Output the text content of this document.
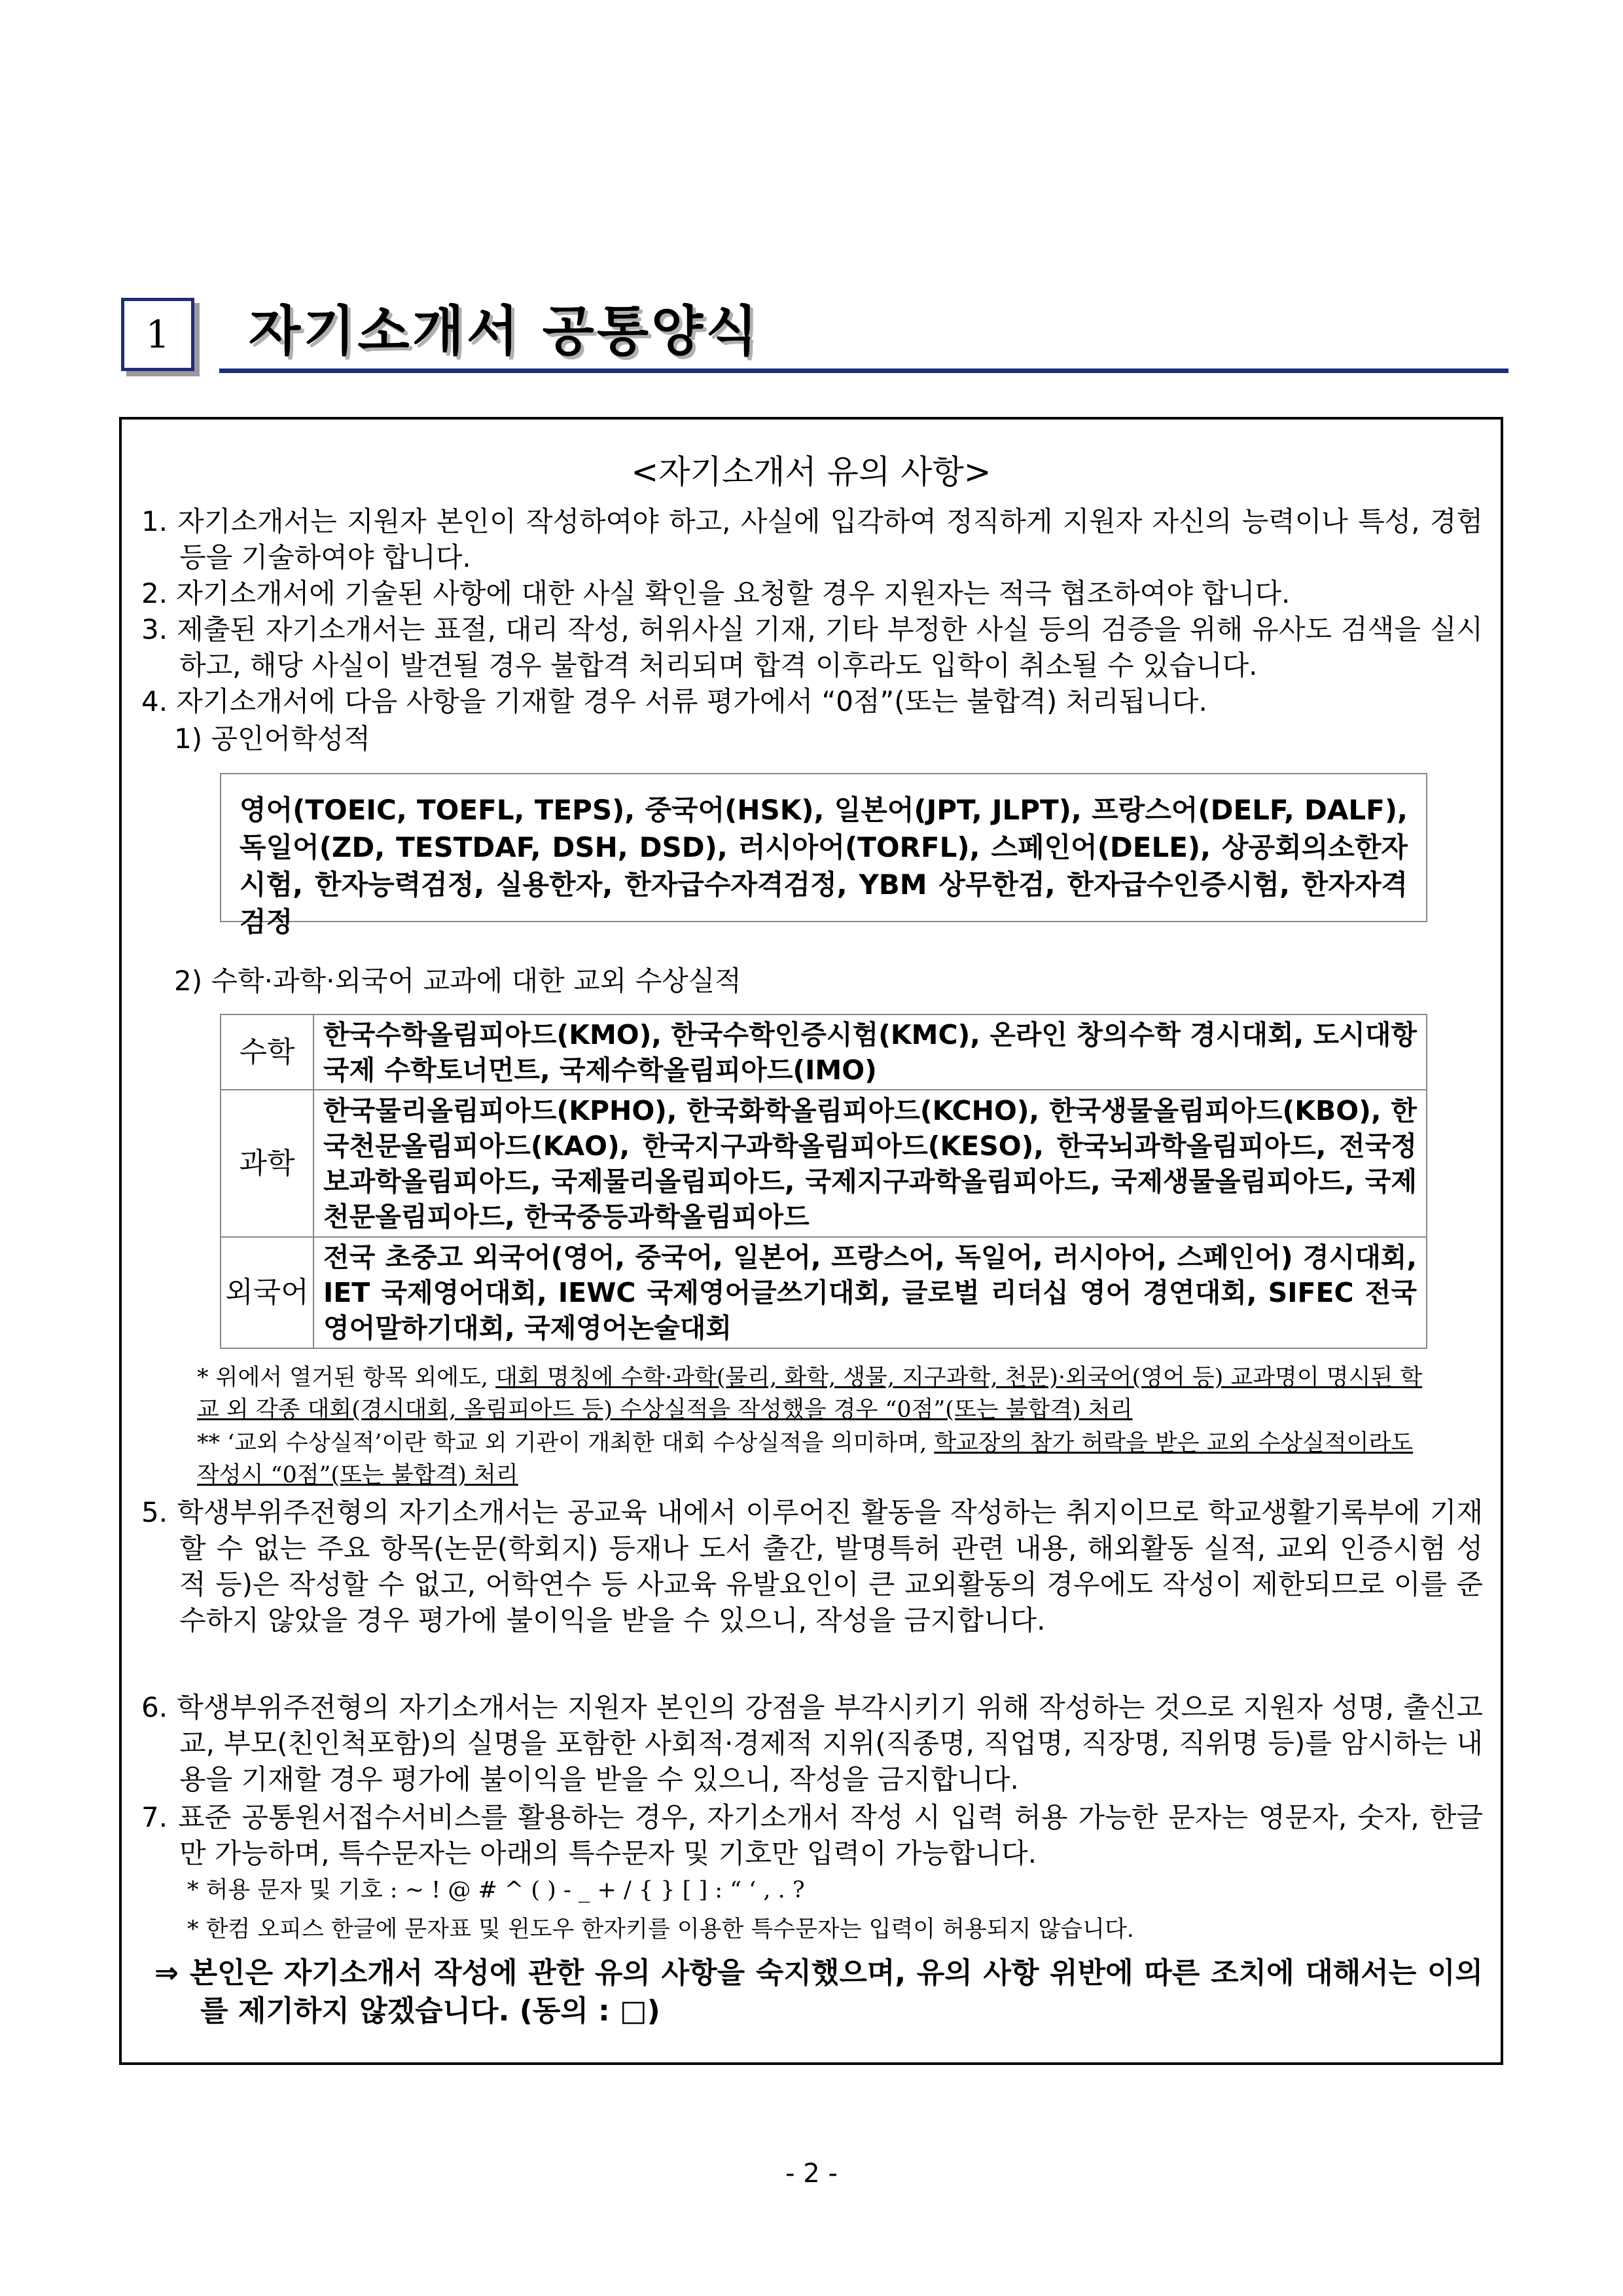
1 자기소개서 공통양식
<자기소개서 유의 사항>
1. 자기소개서는 지원자 본인이 작성하여야 하고, 사실에 입각하여 정직하게 지원자 자신의 능력이나 특성, 경험 등을 기술하여야 합니다.
2. 자기소개서에 기술된 사항에 대한 사실 확인을 요청할 경우 지원자는 적극 협조하여야 합니다.
3. 제출된 자기소개서는 표절, 대리 작성, 허위사실 기재, 기타 부정한 사실 등의 검증을 위해 유사도 검색을 실시하고, 해당 사실이 발견될 경우 불합격 처리되며 합격 이후라도 입학이 취소될 수 있습니다.
4. 자기소개서에 다음 사항을 기재할 경우 서류 평가에서 “0점”(또는 불합격) 처리됩니다.
1) 공인어학성적
영어(TOEIC, TOEFL, TEPS), 중국어(HSK), 일본어(JPT, JLPT), 프랑스어(DELF, DALF),독일어(ZD, TESTDAF, DSH, DSD), 러시아어(TORFL), 스페인어(DELE), 상공회의소한자시험, 한자능력검정, 실용한자, 한자급수자격검정, YBM 상무한검, 한자급수인증시험, 한자자격검정
2) 수학·과학·외국어 교과에 대한 교외 수상실적
수학	한국수학올림피아드(KMO), 한국수학인증시험(KMC), 온라인 창의수학 경시대회, 도시대항 국제 수학토너먼트, 국제수학올림피아드(IMO)
과학	한국물리올림피아드(KPHO), 한국화학올림피아드(KCHO), 한국생물올림피아드(KBO), 한국천문올림피아드(KAO), 한국지구과학올림피아드(KESO), 한국뇌과학올림피아드, 전국정보과학올림피아드, 국제물리올림피아드, 국제지구과학올림피아드, 국제생물올림피아드, 국제천문올림피아드, 한국중등과학올림피아드
외국어	전국 초중고 외국어(영어, 중국어, 일본어, 프랑스어, 독일어, 러시아어, 스페인어) 경시대회, IET 국제영어대회, IEWC 국제영어글쓰기대회, 글로벌 리더십 영어 경연대회, SIFEC 전국영어말하기대회, 국제영어논술대회
* 위에서 열거된 항목 외에도, 대회 명칭에 수학·과학(물리, 화학, 생물, 지구과학, 천문)·외국어(영어 등) 교과명이 명시된 학교 외 각종 대회(경시대회, 올림피아드 등) 수상실적을 작성했을 경우 “0점”(또는 불합격) 처리
** ‘교외 수상실적’이란 학교 외 기관이 개최한 대회 수상실적을 의미하며, 학교장의 참가 허락을 받은 교외 수상실적이라도 작성시 “0점”(또는 불합격) 처리
5. 학생부위주전형의 자기소개서는 공교육 내에서 이루어진 활동을 작성하는 취지이므로 학교생활기록부에 기재할 수 없는 주요 항목(논문(학회지) 등재나 도서 출간, 발명특허 관련 내용, 해외활동 실적, 교외 인증시험 성적 등)은 작성할 수 없고, 어학연수 등 사교육 유발요인이 큰 교외활동의 경우에도 작성이 제한되므로 이를 준수하지 않았을 경우 평가에 불이익을 받을 수 있으니, 작성을 금지합니다.
6. 학생부위주전형의 자기소개서는 지원자 본인의 강점을 부각시키기 위해 작성하는 것으로 지원자 성명, 출신고교, 부모(친인척포함)의 실명을 포함한 사회적·경제적 지위(직종명, 직업명, 직장명, 직위명 등)를 암시하는 내용을 기재할 경우 평가에 불이익을 받을 수 있으니, 작성을 금지합니다.
7. 표준 공통원서접수서비스를 활용하는 경우, 자기소개서 작성 시 입력 허용 가능한 문자는 영문자, 숫자, 한글만 가능하며, 특수문자는 아래의 특수문자 및 기호만 입력이 가능합니다.
* 허용 문자 및 기호 : ~ ! @ # ^ ( ) - _ + / { } [ ] : “ ‘ , . ?
* 한컴 오피스 한글에 문자표 및 윈도우 한자키를 이용한 특수문자는 입력이 허용되지 않습니다.
⇒ 본인은 자기소개서 작성에 관한 유의 사항을 숙지했으며, 유의 사항 위반에 따른 조치에 대해서는 이의를 제기하지 않겠습니다. (동의 : □)
- 2 -
